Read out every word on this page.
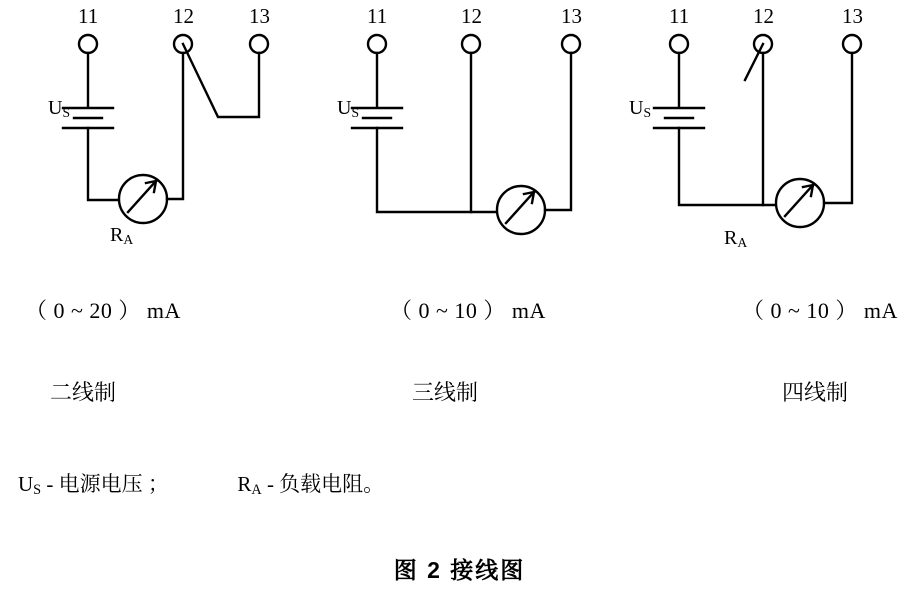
11	12	13
$U_S$
$R_A$
11	12	13
$U_S$
11	12	13
$U_S$
$R_A$
（ 0 ~ 20 ） mA	（ 0 ~ 10 ） mA	（ 0 ~ 10 ） mA
二线制	三线制	四线制
$U_S$ - 电源电压 ；	$R_A$ - 负载电阻。
图 2 接线图
